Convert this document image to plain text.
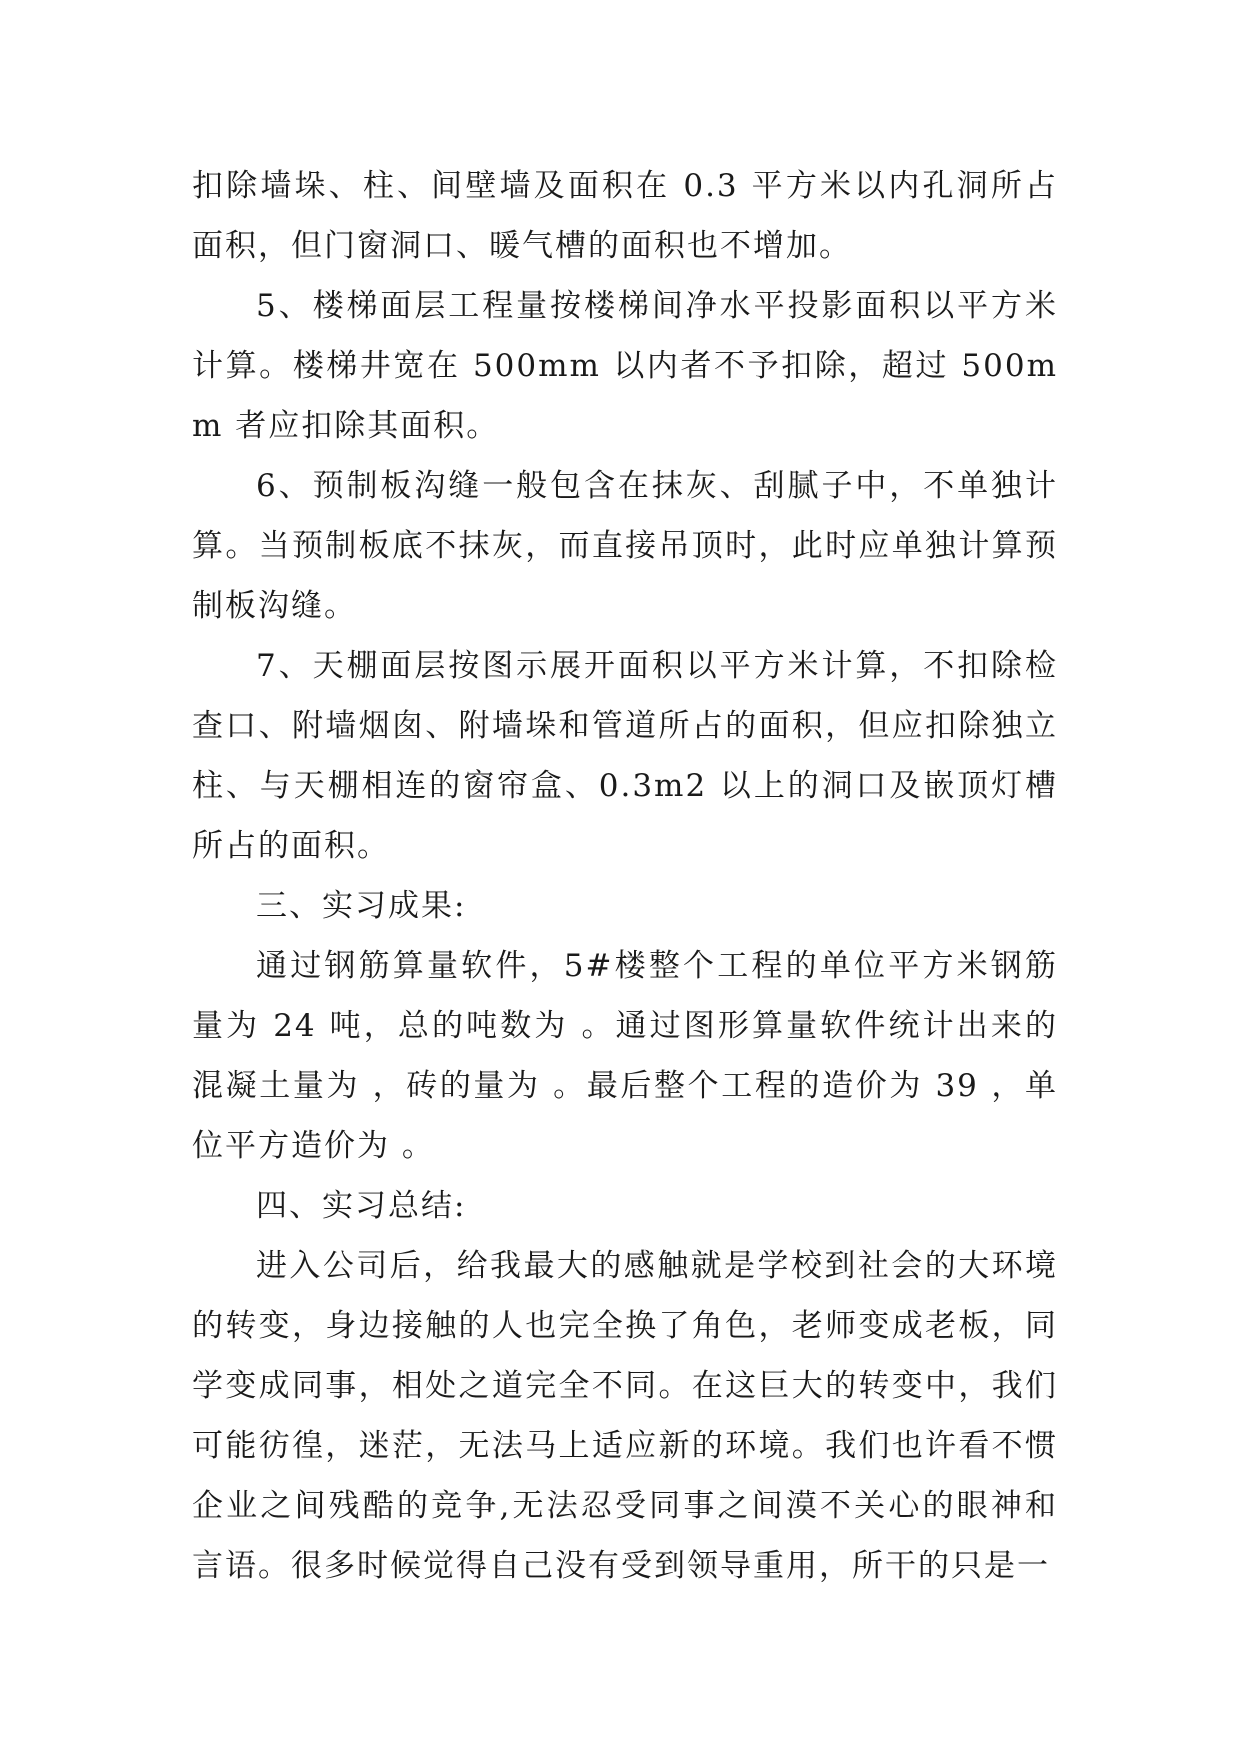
扣除墙垛、柱、间壁墙及面积在 0.3 平方米以内孔洞所占面积，但门窗洞口、暖气槽的面积也不增加。

5、楼梯面层工程量按楼梯间净水平投影面积以平方米计算。楼梯井宽在 500mm 以内者不予扣除，超过 500mm 者应扣除其面积。

6、预制板沟缝一般包含在抹灰、刮腻子中，不单独计算。当预制板底不抹灰，而直接吊顶时，此时应单独计算预制板沟缝。

7、天棚面层按图示展开面积以平方米计算，不扣除检查口、附墙烟囱、附墙垛和管道所占的面积，但应扣除独立柱、与天棚相连的窗帘盒、0.3m2 以上的洞口及嵌顶灯槽所占的面积。

三、实习成果:

通过钢筋算量软件，5#楼整个工程的单位平方米钢筋量为 24 吨，总的吨数为 。通过图形算量软件统计出来的混凝土量为 ，砖的量为 。最后整个工程的造价为 39 ，单位平方造价为 。

四、实习总结:

进入公司后，给我最大的感触就是学校到社会的大环境的转变，身边接触的人也完全换了角色，老师变成老板，同学变成同事，相处之道完全不同。在这巨大的转变中，我们可能彷徨，迷茫，无法马上适应新的环境。我们也许看不惯企业之间残酷的竞争,无法忍受同事之间漠不关心的眼神和言语。很多时候觉得自己没有受到领导重用，所干的只是一
